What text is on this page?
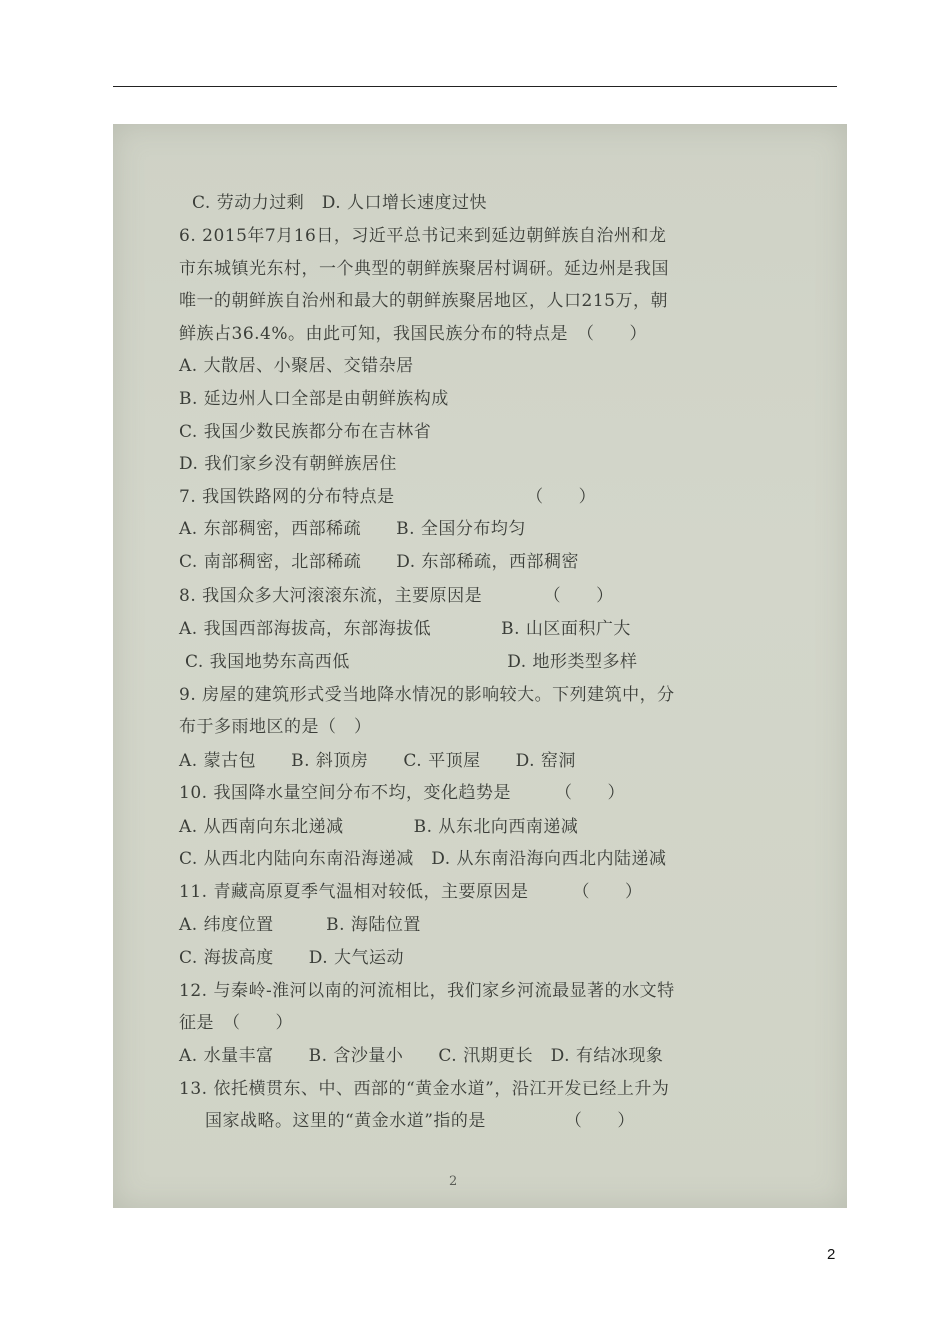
C. 劳动力过剩　D. 人口增长速度过快
6. 2015年7月16日，习近平总书记来到延边朝鲜族自治州和龙
市东城镇光东村，一个典型的朝鲜族聚居村调研。延边州是我国
唯一的朝鲜族自治州和最大的朝鲜族聚居地区，人口215万，朝
鲜族占36.4%。由此可知，我国民族分布的特点是　（　　）
A. 大散居、小聚居、交错杂居
B. 延边州人口全部是由朝鲜族构成
C. 我国少数民族都分布在吉林省
D. 我们家乡没有朝鲜族居住
7. 我国铁路网的分布特点是　　　　　　　　（　　）
A. 东部稠密，西部稀疏　　B. 全国分布均匀
C. 南部稠密，北部稀疏　　D. 东部稀疏，西部稠密
8. 我国众多大河滚滚东流，主要原因是　　　　（　　）
A. 我国西部海拔高，东部海拔低　　　　B. 山区面积广大
C. 我国地势东高西低　　　　　　　　　D. 地形类型多样
9. 房屋的建筑形式受当地降水情况的影响较大。下列建筑中，分
布于多雨地区的是（　）
A. 蒙古包　　B. 斜顶房　　C. 平顶屋　　D. 窑洞
10. 我国降水量空间分布不均，变化趋势是　　　（　　）
A. 从西南向东北递减　　　　B. 从东北向西南递减
C. 从西北内陆向东南沿海递减　D. 从东南沿海向西北内陆递减
11. 青藏高原夏季气温相对较低，主要原因是　　　（　　）
A. 纬度位置　　　B. 海陆位置
C. 海拔高度　　D. 大气运动
12. 与秦岭-淮河以南的河流相比，我们家乡河流最显著的水文特
征是　（　　）
A. 水量丰富　　B. 含沙量小　　C. 汛期更长　D. 有结冰现象
13. 依托横贯东、中、西部的“黄金水道”，沿江开发已经上升为
国家战略。这里的“黄金水道”指的是　　　　　（　　）
2
2
